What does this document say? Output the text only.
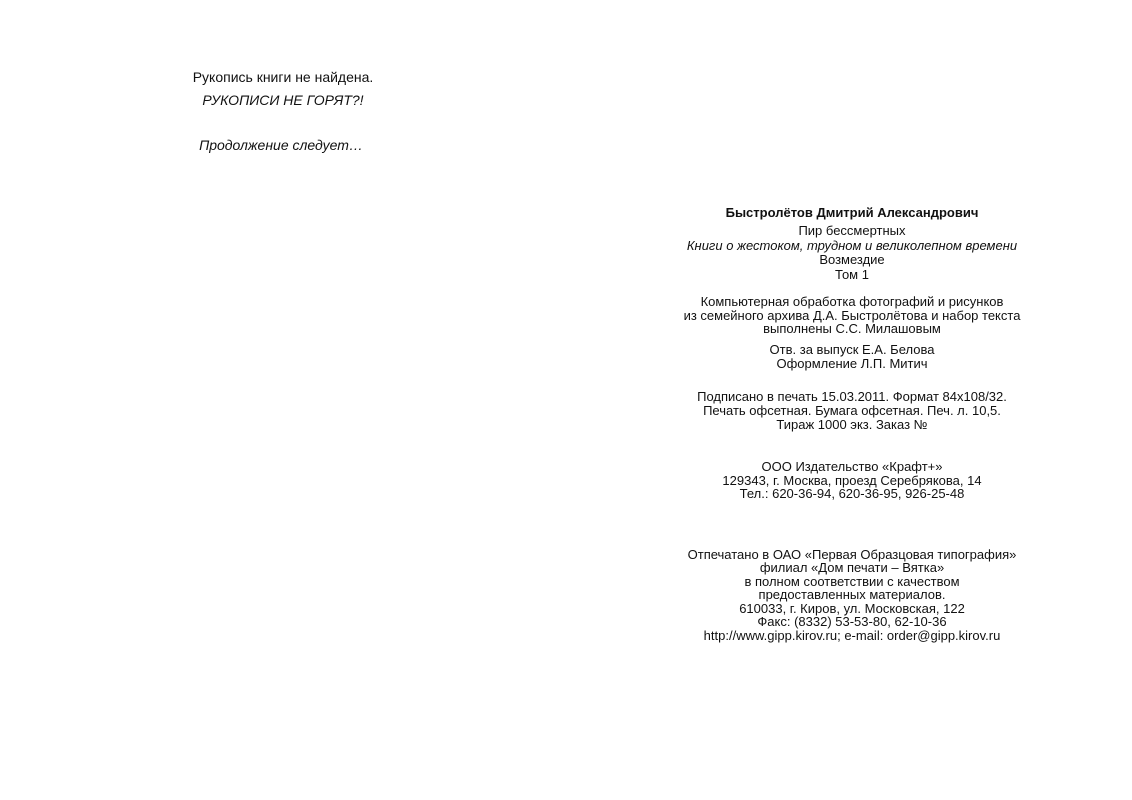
Рукопись книги не найдена.

РУКОПИСИ НЕ ГОРЯТ?!

Продолжение следует…

Быстролётов Дмитрий Александрович

Пир бессмертных

Книги о жестоком, трудном и великолепном времени

Возмездие

Том 1

Компьютерная обработка фотографий и рисунков

из семейного архива Д.А. Быстролётова и набор текста

выполнены С.С. Милашовым

Отв. за выпуск Е.А. Белова

Оформление Л.П. Митич

Подписано в печать 15.03.2011. Формат 84x108/32.

Печать офсетная. Бумага офсетная. Печ. л. 10,5.

Тираж 1000 экз. Заказ №

ООО Издательство «Крафт+»

129343, г. Москва, проезд Серебрякова, 14

Тел.: 620-36-94, 620-36-95, 926-25-48

Отпечатано в ОАО «Первая Образцовая типография»

филиал «Дом печати – Вятка»

в полном соответствии с качеством

предоставленных материалов.

610033, г. Киров, ул. Московская, 122

Факс: (8332) 53-53-80, 62-10-36

http://www.gipp.kirov.ru; e-mail: order@gipp.kirov.ru
